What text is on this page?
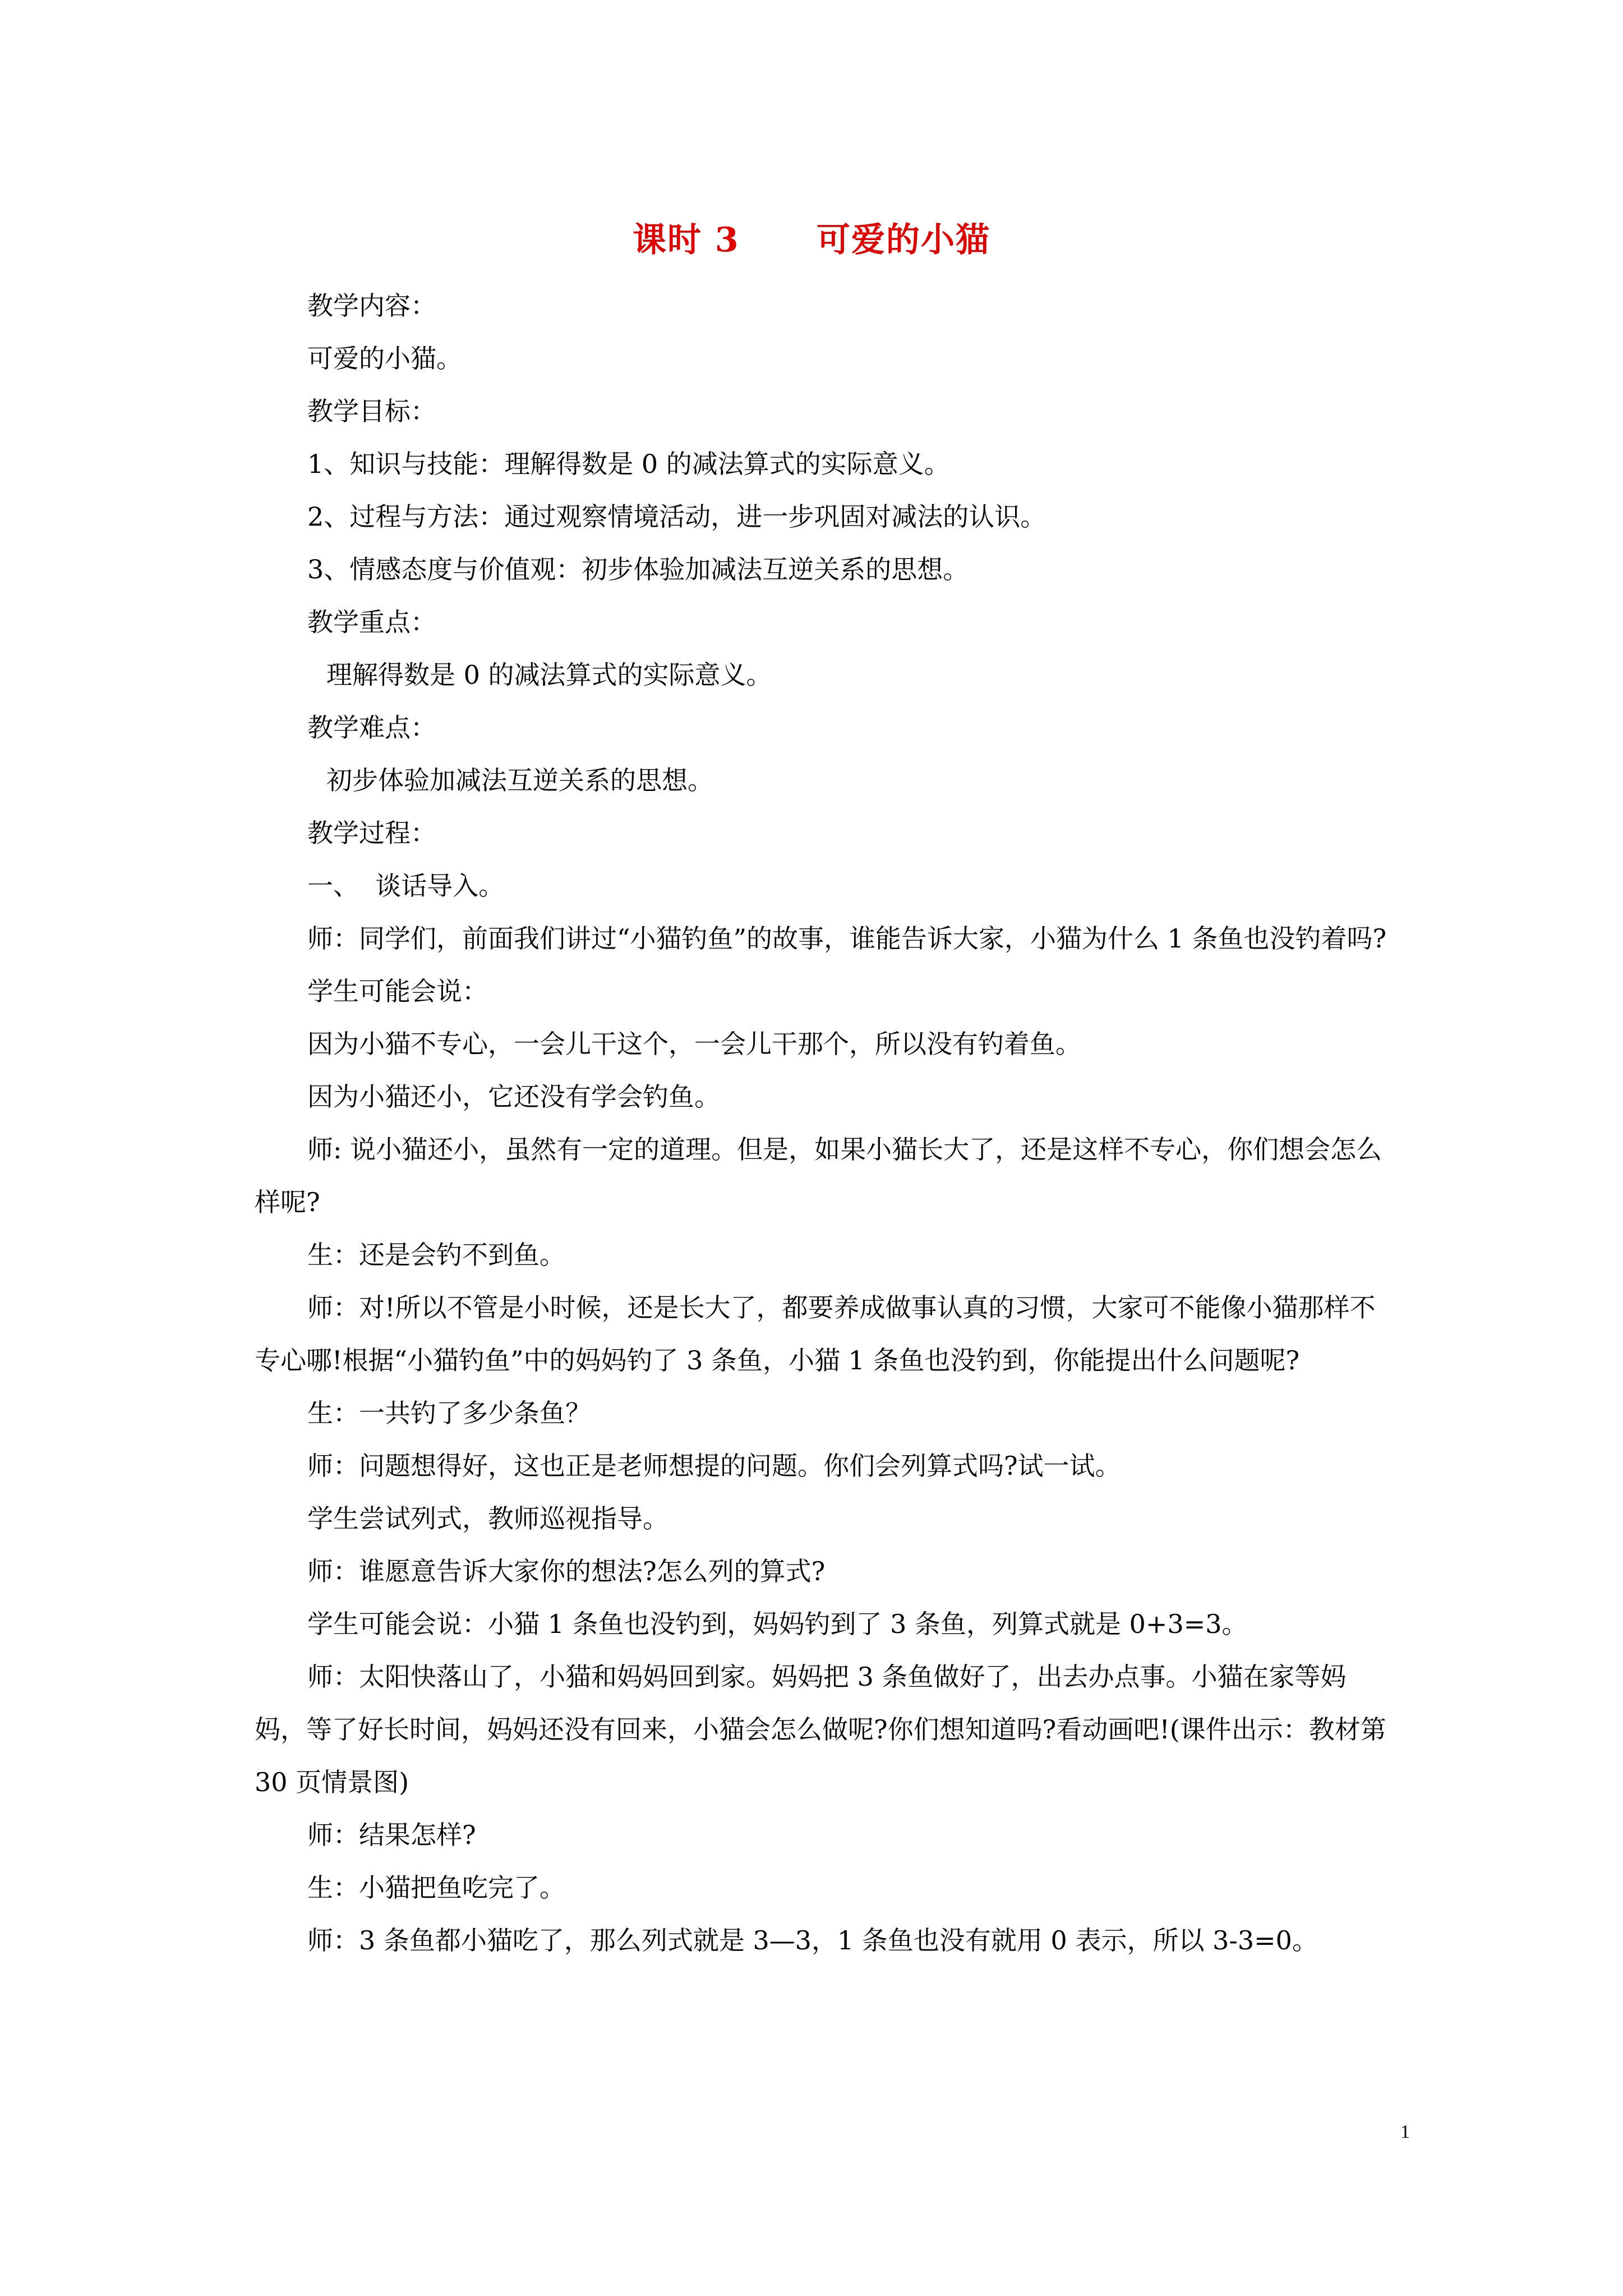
课时 3      可爱的小猫

教学内容：

可爱的小猫。

教学目标：

1、知识与技能：理解得数是 0 的减法算式的实际意义。

2、过程与方法：通过观察情境活动，进一步巩固对减法的认识。

3、情感态度与价值观：初步体验加减法互逆关系的思想。

教学重点：

理解得数是 0 的减法算式的实际意义。

教学难点：

初步体验加减法互逆关系的思想。

教学过程：

一、  谈话导入。

师：同学们，前面我们讲过“小猫钓鱼”的故事，谁能告诉大家，小猫为什么 1 条鱼也没钓着吗?

学生可能会说：

因为小猫不专心，一会儿干这个，一会儿干那个，所以没有钓着鱼。

因为小猫还小，它还没有学会钓鱼。

师: 说小猫还小，虽然有一定的道理。但是，如果小猫长大了，还是这样不专心，你们想会怎么样呢?

生：还是会钓不到鱼。

师：对!所以不管是小时候，还是长大了，都要养成做事认真的习惯，大家可不能像小猫那样不专心哪!根据“小猫钓鱼”中的妈妈钓了 3 条鱼，小猫 1 条鱼也没钓到，你能提出什么问题呢?

生：一共钓了多少条鱼？

师：问题想得好，这也正是老师想提的问题。你们会列算式吗?试一试。

学生尝试列式，教师巡视指导。

师：谁愿意告诉大家你的想法?怎么列的算式?

学生可能会说：小猫 1 条鱼也没钓到，妈妈钓到了 3 条鱼，列算式就是 0+3=3。

师：太阳快落山了，小猫和妈妈回到家。妈妈把 3 条鱼做好了，出去办点事。小猫在家等妈妈，等了好长时间，妈妈还没有回来，小猫会怎么做呢?你们想知道吗?看动画吧!(课件出示：教材第 30 页情景图)

师：结果怎样?

生：小猫把鱼吃完了。

师：3 条鱼都小猫吃了，那么列式就是 3—3，1 条鱼也没有就用 0 表示，所以 3-3=0。

1
